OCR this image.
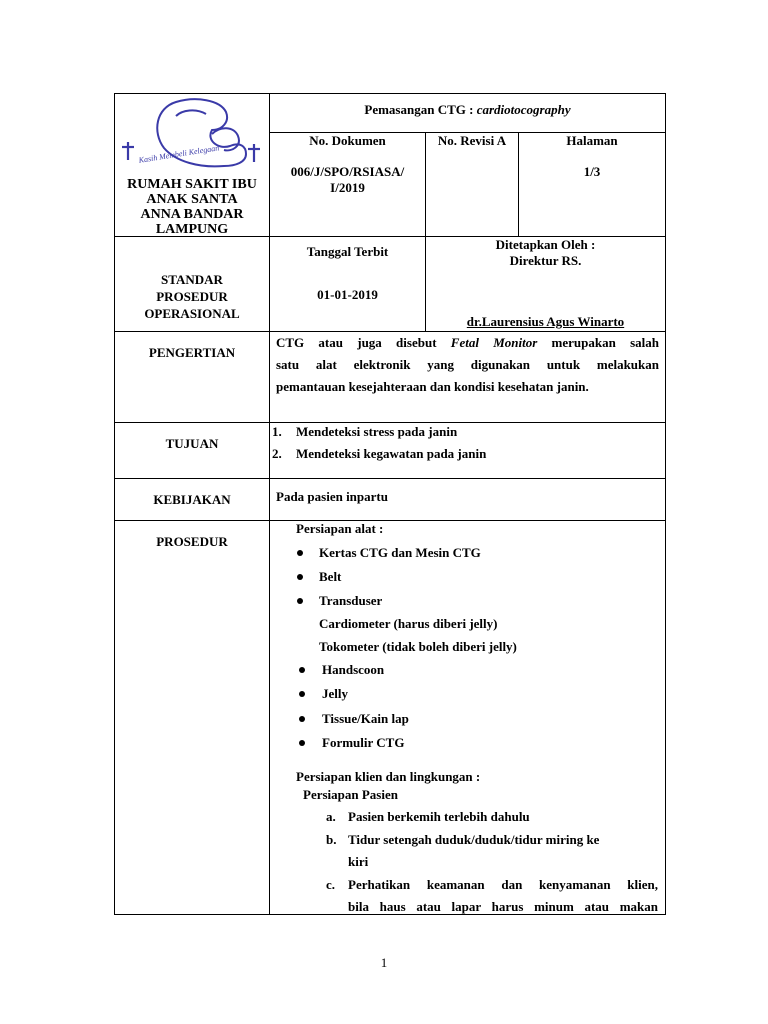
Kasih Membeli Kelegaan
RUMAH SAKIT IBU
ANAK SANTA
ANNA BANDAR
LAMPUNG
Pemasangan CTG : cardiotocography
No. Dokumen
006/J/SPO/RSIASA/
I/2019
No. Revisi A	Halaman
1/3
STANDAR
PROSEDUR
OPERASIONAL
Tanggal Terbit
01-01-2019
Ditetapkan Oleh :
Direktur RS.
dr.Laurensius Agus Winarto
PENGERTIAN
CTG atau juga disebut Fetal Monitor merupakan salah
satu alat elektronik yang digunakan untuk melakukan
pemantauan kesejahteraan dan kondisi kesehatan janin.
TUJUAN
1. Mendeteksi stress pada janin
2. Mendeteksi kegawatan pada janin
KEBIJAKAN	Pada pasien inpartu
PROSEDUR
Persiapan alat :
Kertas CTG dan Mesin CTG
Belt
Transduser
Cardiometer (harus diberi jelly)
Tokometer (tidak boleh diberi jelly)
Handscoon
Jelly
Tissue/Kain lap
Formulir CTG
Persiapan klien dan lingkungan :
Persiapan Pasien
a. Pasien berkemih terlebih dahulu
b. Tidur setengah duduk/duduk/tidur miring ke
kiri
c. Perhatikan keamanan dan kenyamanan klien,
bila haus atau lapar harus minum atau makan
1
